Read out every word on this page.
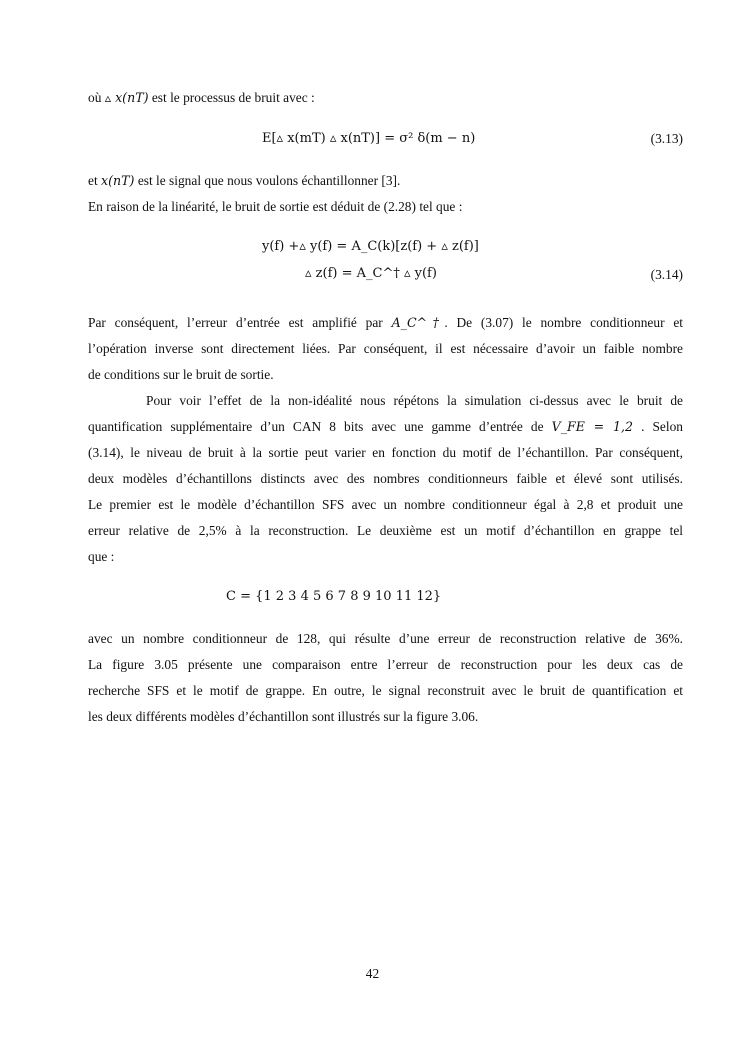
où ▵ x(nT) est le processus de bruit avec :
E[▵ x(mT) ▵ x(nT)] = σ² δ(m − n)	(3.13)
et x(nT) est le signal que nous voulons échantillonner [3].
En raison de la linéarité, le bruit de sortie est déduit de (2.28) tel que :
y(f) +▵ y(f) = A_C(k)[z(f) + ▵ z(f)]
▵ z(f) = A_C^† ▵ y(f)	(3.14)
Par conséquent, l’erreur d’entrée est amplifié par A_C^†. De (3.07) le nombre conditionneur et
l’opération inverse sont directement liées. Par conséquent, il est nécessaire d’avoir un faible nombre
de conditions sur le bruit de sortie.
Pour voir l’effet de la non-idéalité nous répétons la simulation ci-dessus avec le bruit de
quantification supplémentaire d’un CAN 8 bits avec une gamme d’entrée de V_FE = 1,2 . Selon
(3.14), le niveau de bruit à la sortie peut varier en fonction du motif de l’échantillon. Par conséquent,
deux modèles d’échantillons distincts avec des nombres conditionneurs faible et élevé sont utilisés.
Le premier est le modèle d’échantillon SFS avec un nombre conditionneur égal à 2,8 et produit une
erreur relative de 2,5% à la reconstruction. Le deuxième est un motif d’échantillon en grappe tel
que :
C = {1 2 3 4 5 6 7 8 9 10 11 12}
avec un nombre conditionneur de 128, qui résulte d’une erreur de reconstruction relative de 36%.
La figure 3.05 présente une comparaison entre l’erreur de reconstruction pour les deux cas de
recherche SFS et le motif de grappe. En outre, le signal reconstruit avec le bruit de quantification et
les deux différents modèles d’échantillon sont illustrés sur la figure 3.06.
42
